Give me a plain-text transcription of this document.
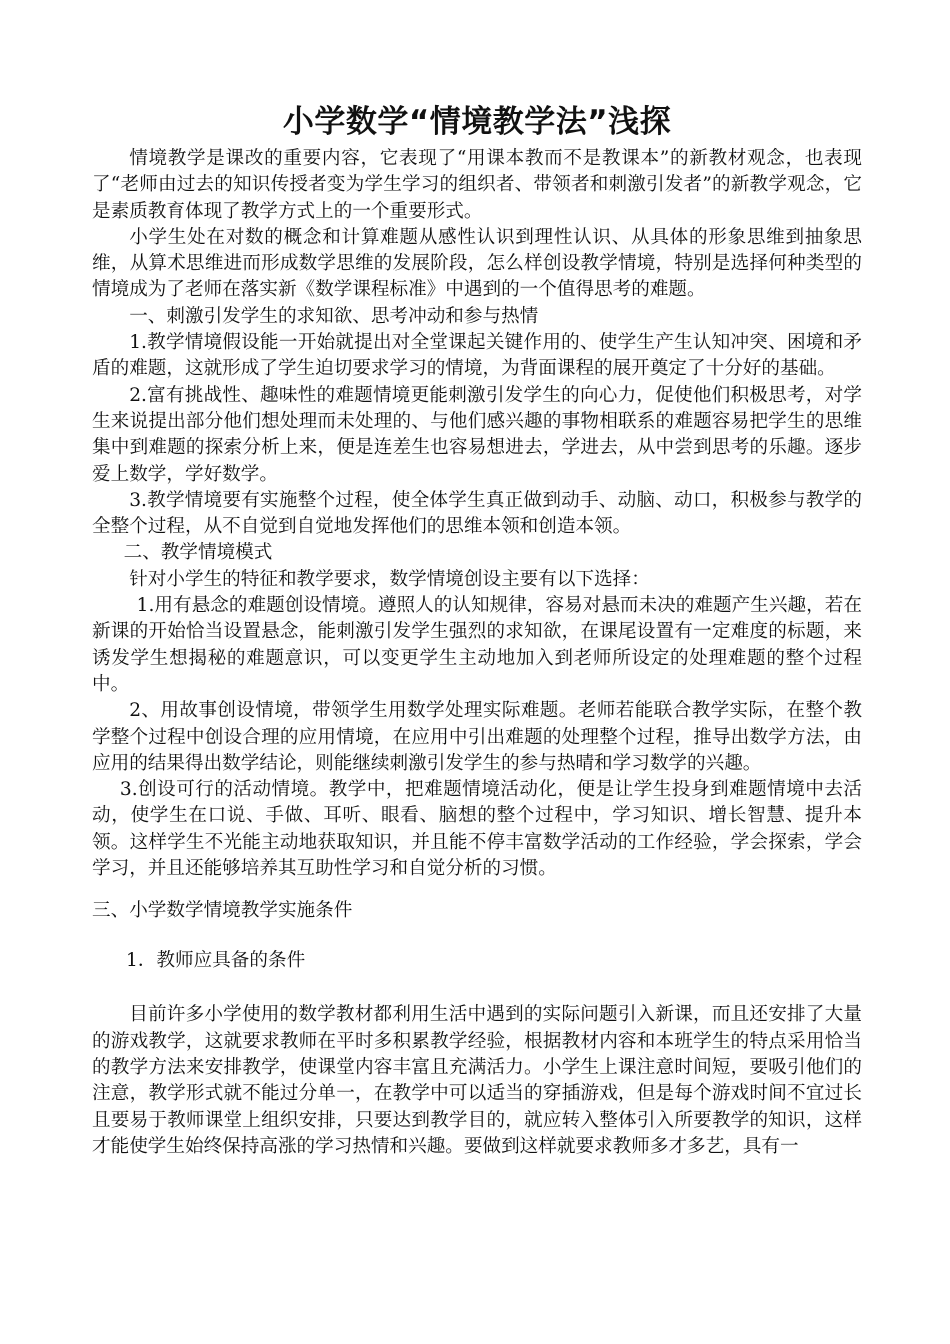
小学数学“情境教学法”浅探

情境教学是课改的重要内容，它表现了“用课本教而不是教课本”的新教材观念，也表现了“老师由过去的知识传授者变为学生学习的组织者、带领者和刺激引发者”的新教学观念，它是素质教育体现了教学方式上的一个重要形式。

小学生处在对数的概念和计算难题从感性认识到理性认识、从具体的形象思维到抽象思维，从算术思维进而形成数学思维的发展阶段，怎么样创设教学情境，特别是选择何种类型的情境成为了老师在落实新《数学课程标准》中遇到的一个值得思考的难题。

一、刺激引发学生的求知欲、思考冲动和参与热情

1.教学情境假设能一开始就提出对全堂课起关键作用的、使学生产生认知冲突、困境和矛盾的难题，这就形成了学生迫切要求学习的情境，为背面课程的展开奠定了十分好的基础。

2.富有挑战性、趣味性的难题情境更能刺激引发学生的向心力，促使他们积极思考，对学生来说提出部分他们想处理而未处理的、与他们感兴趣的事物相联系的难题容易把学生的思维集中到难题的探索分析上来，便是连差生也容易想进去，学进去，从中尝到思考的乐趣。逐步爱上数学，学好数学。

3.教学情境要有实施整个过程，使全体学生真正做到动手、动脑、动口，积极参与教学的全整个过程，从不自觉到自觉地发挥他们的思维本领和创造本领。

二、教学情境模式

针对小学生的特征和教学要求，数学情境创设主要有以下选择：

1.用有悬念的难题创设情境。遵照人的认知规律，容易对悬而未决的难题产生兴趣，若在新课的开始恰当设置悬念，能刺激引发学生强烈的求知欲，在课尾设置有一定难度的标题，来诱发学生想揭秘的难题意识，可以变更学生主动地加入到老师所设定的处理难题的整个过程中。

2、用故事创设情境，带领学生用数学处理实际难题。老师若能联合教学实际，在整个教学整个过程中创设合理的应用情境，在应用中引出难题的处理整个过程，推导出数学方法，由应用的结果得出数学结论，则能继续刺激引发学生的参与热晴和学习数学的兴趣。

3.创设可行的活动情境。教学中，把难题情境活动化，便是让学生投身到难题情境中去活动，使学生在口说、手做、耳听、眼看、脑想的整个过程中，学习知识、增长智慧、提升本领。这样学生不光能主动地获取知识，并且能不停丰富数学活动的工作经验，学会探索，学会学习，并且还能够培养其互助性学习和自觉分析的习惯。

三、小学数学情境教学实施条件
1．教师应具备的条件

目前许多小学使用的数学教材都利用生活中遇到的实际问题引入新课，而且还安排了大量的游戏教学，这就要求教师在平时多积累教学经验，根据教材内容和本班学生的特点采用恰当的教学方法来安排教学，使课堂内容丰富且充满活力。小学生上课注意时间短，要吸引他们的注意，教学形式就不能过分单一，在教学中可以适当的穿插游戏，但是每个游戏时间不宜过长且要易于教师课堂上组织安排，只要达到教学目的，就应转入整体引入所要教学的知识，这样才能使学生始终保持高涨的学习热情和兴趣。要做到这样就要求教师多才多艺，具有一
